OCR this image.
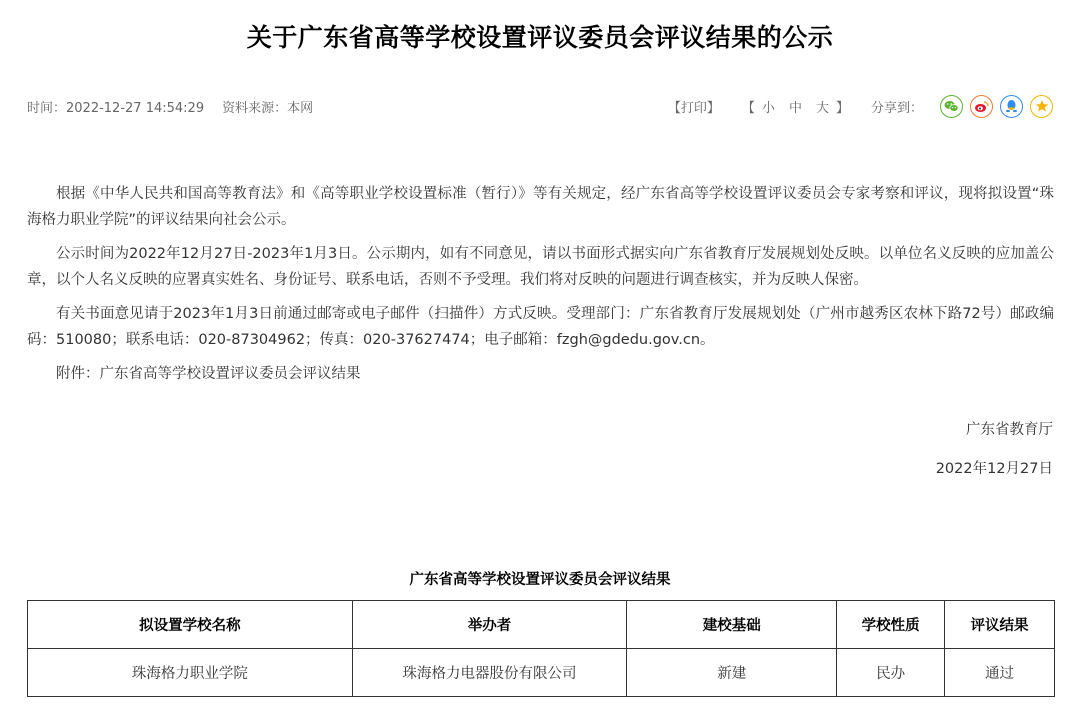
关于广东省高等学校设置评议委员会评议结果的公示
时间：2022-12-27 14:54:29 资料来源：本网	【打印】 【 小 中 大 】 分享到：

根据《中华人民共和国高等教育法》和《高等职业学校设置标准（暂行）》等有关规定，经广东省高等学校设置评议委员会专家考察和评议，现将拟设置“珠海格力职业学院”的评议结果向社会公示。

公示时间为2022年12月27日-2023年1月3日。公示期内，如有不同意见，请以书面形式据实向广东省教育厅发展规划处反映。以单位名义反映的应加盖公章，以个人名义反映的应署真实姓名、身份证号、联系电话，否则不予受理。我们将对反映的问题进行调查核实，并为反映人保密。

有关书面意见请于2023年1月3日前通过邮寄或电子邮件（扫描件）方式反映。受理部门：广东省教育厅发展规划处（广州市越秀区农林下路72号）邮政编码：510080；联系电话：020-87304962；传真：020-37627474；电子邮箱：fzgh@gdedu.gov.cn。

附件：广东省高等学校设置评议委员会评议结果

广东省教育厅
2022年12月27日
广东省高等学校设置评议委员会评议结果
拟设置学校名称	举办者	建校基础	学校性质	评议结果
珠海格力职业学院	珠海格力电器股份有限公司	新建	民办	通过
